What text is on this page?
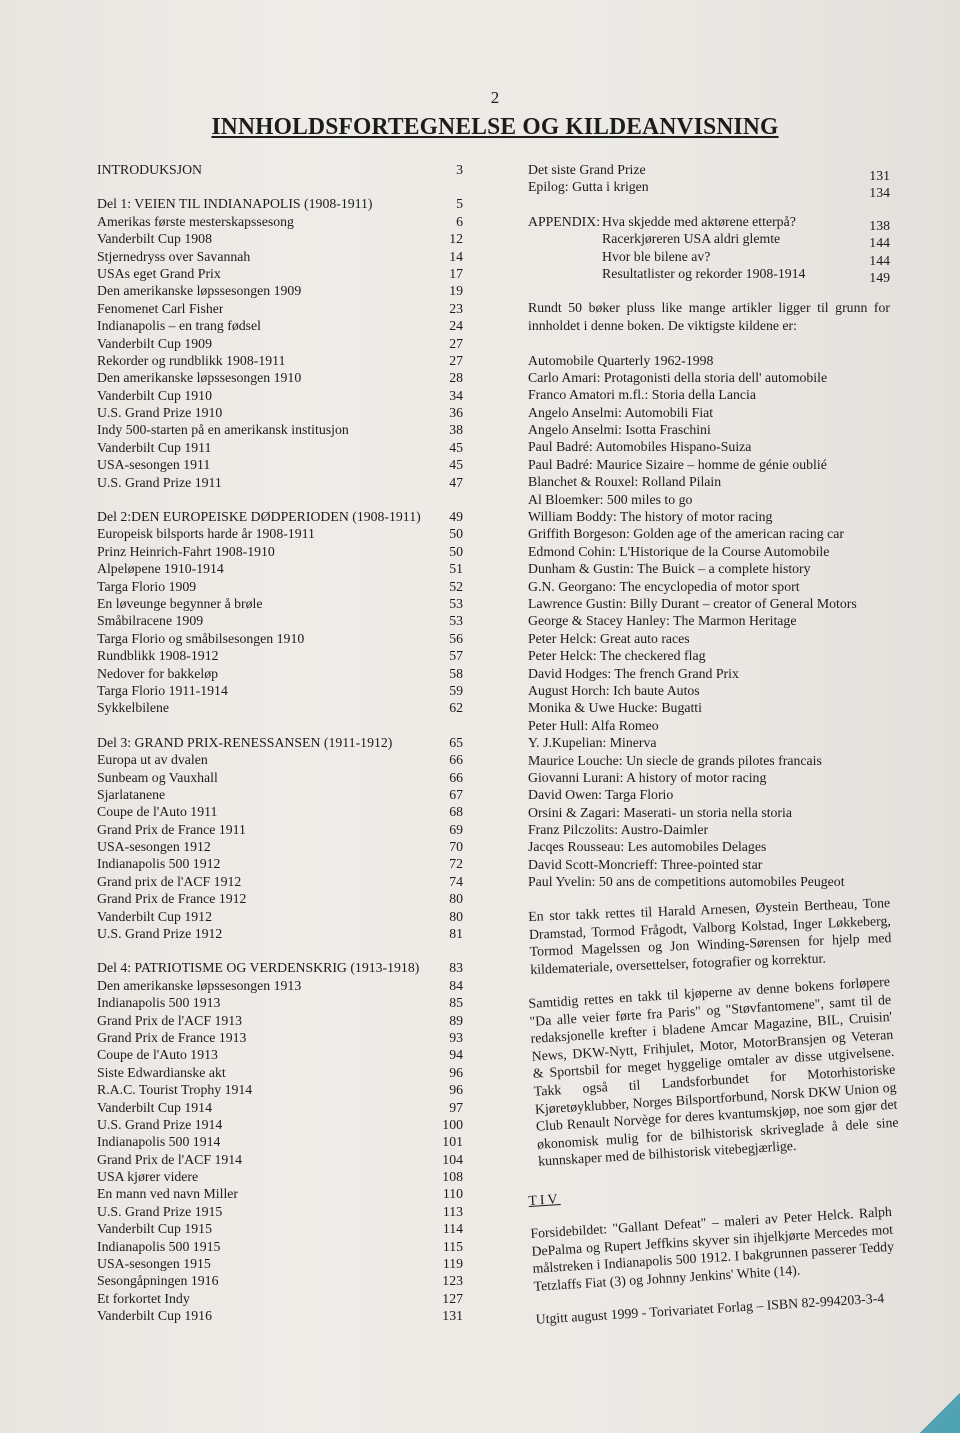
2
INNHOLDSFORTEGNELSE OG KILDEANVISNING
INTRODUKSJON	3
Del 1: VEIEN TIL INDIANAPOLIS (1908-1911)	5
Amerikas første mesterskapssesong	6
Vanderbilt Cup 1908	12
Stjernedryss over Savannah	14
USAs eget Grand Prix	17
Den amerikanske løpssesongen 1909	19
Fenomenet Carl Fisher	23
Indianapolis – en trang fødsel	24
Vanderbilt Cup 1909	27
Rekorder og rundblikk 1908-1911	27
Den amerikanske løpssesongen 1910	28
Vanderbilt Cup 1910	34
U.S. Grand Prize 1910	36
Indy 500-starten på en amerikansk institusjon	38
Vanderbilt Cup 1911	45
USA-sesongen 1911	45
U.S. Grand Prize 1911	47
Del 2:DEN EUROPEISKE DØDPERIODEN (1908-1911)	49
Europeisk bilsports harde år 1908-1911	50
Prinz Heinrich-Fahrt 1908-1910	50
Alpeløpene 1910-1914	51
Targa Florio 1909	52
En løveunge begynner å brøle	53
Småbilracene 1909	53
Targa Florio og småbilsesongen 1910	56
Rundblikk 1908-1912	57
Nedover for bakkeløp	58
Targa Florio 1911-1914	59
Sykkelbilene	62
Del 3: GRAND PRIX-RENESSANSEN (1911-1912)	65
Europa ut av dvalen	66
Sunbeam og Vauxhall	66
Sjarlatanene	67
Coupe de l'Auto 1911	68
Grand Prix de France 1911	69
USA-sesongen 1912	70
Indianapolis 500 1912	72
Grand prix de l'ACF 1912	74
Grand Prix de France 1912	80
Vanderbilt Cup 1912	80
U.S. Grand Prize 1912	81
Del 4: PATRIOTISME OG VERDENSKRIG (1913-1918)	83
Den amerikanske løpssesongen 1913	84
Indianapolis 500 1913	85
Grand Prix de l'ACF 1913	89
Grand Prix de France 1913	93
Coupe de l'Auto 1913	94
Siste Edwardianske akt	96
R.A.C. Tourist Trophy 1914	96
Vanderbilt Cup 1914	97
U.S. Grand Prize 1914	100
Indianapolis 500 1914	101
Grand Prix de l'ACF 1914	104
USA kjører videre	108
En mann ved navn Miller	110
U.S. Grand Prize 1915	113
Vanderbilt Cup 1915	114
Indianapolis 500 1915	115
USA-sesongen 1915	119
Sesongåpningen 1916	123
Et forkortet Indy	127
Vanderbilt Cup 1916	131
Det siste Grand Prize	131
Epilog: Gutta i krigen	134
APPENDIX: Hva skjedde med aktørene etterpå?	138
Racerkjøreren USA aldri glemte	144
Hvor ble bilene av?	144
Resultatlister og rekorder 1908-1914	149
Rundt 50 bøker pluss like mange artikler ligger til grunn for innholdet i denne boken. De viktigste kildene er:
Automobile Quarterly 1962-1998
Carlo Amari: Protagonisti della storia dell' automobile
Franco Amatori m.fl.: Storia della Lancia
Angelo Anselmi: Automobili Fiat
Angelo Anselmi: Isotta Fraschini
Paul Badré: Automobiles Hispano-Suiza
Paul Badré: Maurice Sizaire – homme de génie oublié
Blanchet & Rouxel: Rolland Pilain
Al Bloemker: 500 miles to go
William Boddy: The history of motor racing
Griffith Borgeson: Golden age of the american racing car
Edmond Cohin: L'Historique de la Course Automobile
Dunham & Gustin: The Buick – a complete history
G.N. Georgano: The encyclopedia of motor sport
Lawrence Gustin: Billy Durant – creator of General Motors
George & Stacey Hanley: The Marmon Heritage
Peter Helck: Great auto races
Peter Helck: The checkered flag
David Hodges: The french Grand Prix
August Horch: Ich baute Autos
Monika & Uwe Hucke: Bugatti
Peter Hull: Alfa Romeo
Y. J.Kupelian: Minerva
Maurice Louche: Un siecle de grands pilotes francais
Giovanni Lurani: A history of motor racing
David Owen: Targa Florio
Orsini & Zagari: Maserati- un storia nella storia
Franz Pilczolits: Austro-Daimler
Jacqes Rousseau: Les automobiles Delages
David Scott-Moncrieff: Three-pointed star
Paul Yvelin: 50 ans de competitions automobiles Peugeot
En stor takk rettes til Harald Arnesen, Øystein Bertheau, Tone Dramstad, Tormod Frågodt, Valborg Kolstad, Inger Løkkeberg, Tormod Magelssen og Jon Winding-Sørensen for hjelp med kildemateriale, oversettelser, fotografier og korrektur.
Samtidig rettes en takk til kjøperne av denne bokens forløpere "Da alle veier førte fra Paris" og "Støvfantomene", samt til de redaksjonelle krefter i bladene Amcar Magazine, BIL, Cruisin' News, DKW-Nytt, Frihjulet, Motor, MotorBransjen og Veteran & Sportsbil for meget hyggelige omtaler av disse utgivelsene. Takk også til Landsforbundet for Motorhistoriske Kjøretøyklubber, Norges Bilsportforbund, Norsk DKW Union og Club Renault Norvège for deres kvantumskjøp, noe som gjør det økonomisk mulig for de bilhistorisk skriveglade å dele sine kunnskaper med de bilhistorisk vitebegjærlige.
TIV
Forsidebildet: "Gallant Defeat" – maleri av Peter Helck. Ralph DePalma og Rupert Jeffkins skyver sin ihjelkjørte Mercedes mot målstreken i Indianapolis 500 1912. I bakgrunnen passerer Teddy Tetzlaffs Fiat (3) og Johnny Jenkins' White (14).
Utgitt august 1999 - Torivariatet Forlag – ISBN 82-994203-3-4
